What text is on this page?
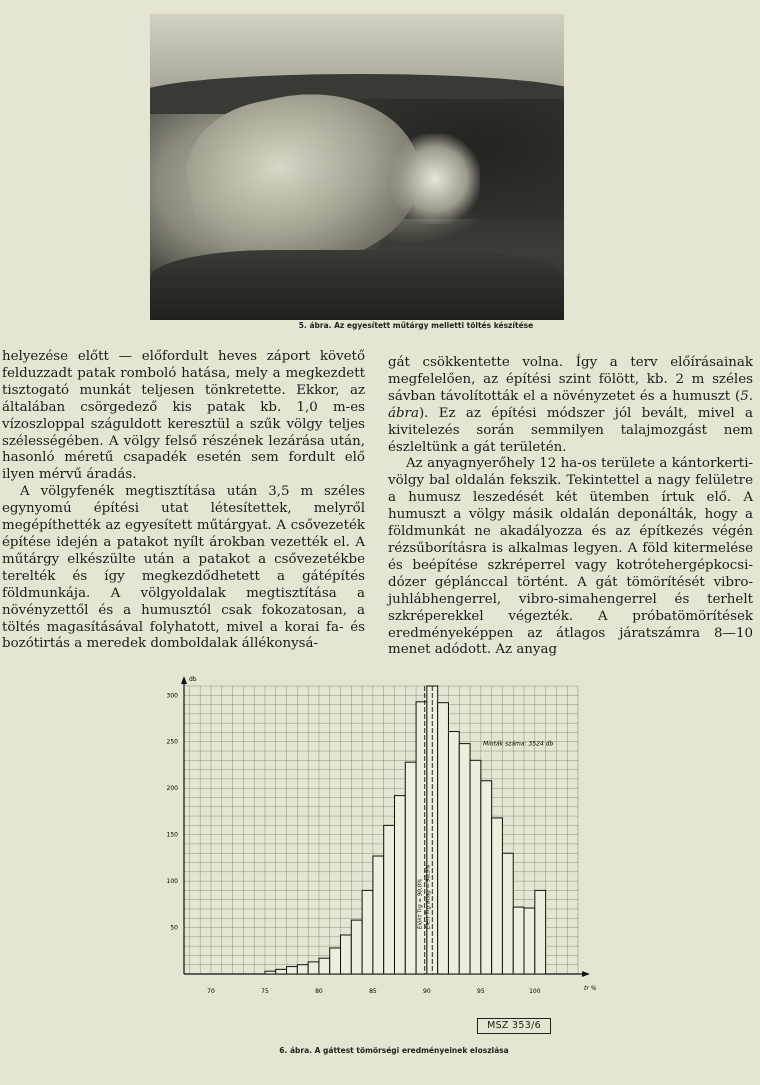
5. ábra. Az egyesített műtárgy melletti töltés készítése

helyezése előtt — előfordult heves záport követő felduzzadt patak romboló hatása, mely a megkezdett tisztogató munkát teljesen tönkretette. Ekkor, az általában csörgedező kis patak kb. 1,0 m-es vízoszloppal száguldott keresztül a szűk völgy teljes szélességében. A völgy felső részének lezárása után, hasonló méretű csapadék esetén sem fordult elő ilyen mérvű áradás.

A völgyfenék megtisztítása után 3,5 m széles egynyomú építési utat létesítettek, melyről megépíthették az egyesített műtárgyat. A csővezeték építése idején a patakot nyílt árokban vezették el. A műtárgy elkészülte után a patakot a csővezetékbe terelték és így megkezdődhetett a gátépítés földmunkája. A völgyoldalak megtisztítása a növényzettől és a humusztól csak fokozatosan, a töltés magasításával folyhatott, mivel a korai fa- és bozótirtás a meredek domboldalak állékonysá-

gát csökkentette volna. Így a terv előírásainak megfelelően, az építési szint fölött, kb. 2 m széles sávban távolították el a növényzetet és a humuszt (5. ábra). Ez az építési módszer jól bevált, mivel a kivitelezés során semmilyen talajmozgást nem észleltünk a gát területén.

Az anyagnyerőhely 12 ha-os területe a kántorkerti-völgy bal oldalán fekszik. Tekintettel a nagy felületre a humusz leszedését két ütemben írtuk elő. A humuszt a völgy másik oldalán deponálták, hogy a földmunkát ne akadályozza és az építkezés végén rézsűborításra is alkalmas legyen. A föld kitermelése és beépítése szkréperrel vagy kotrótehergépkocsi-dózer géplánccal történt. A gát tömörítését vibro-juhlábhengerrel, vibro-simahengerrel és terhelt szkréperekkel végezték. A próbatömörítések eredményeképpen az átlagos járatszámra 8—10 menet adódott. Az anyag

70	75	80	85	90	95	100
50
100
150
200
250
300
db
tr %
Előírt Trg = 90,0% Elért Trg átlag = 90,5%
Minták száma: 3524 db
MSZ 353/6
6. ábra. A gáttest tömörségi eredményeinek eloszlása
